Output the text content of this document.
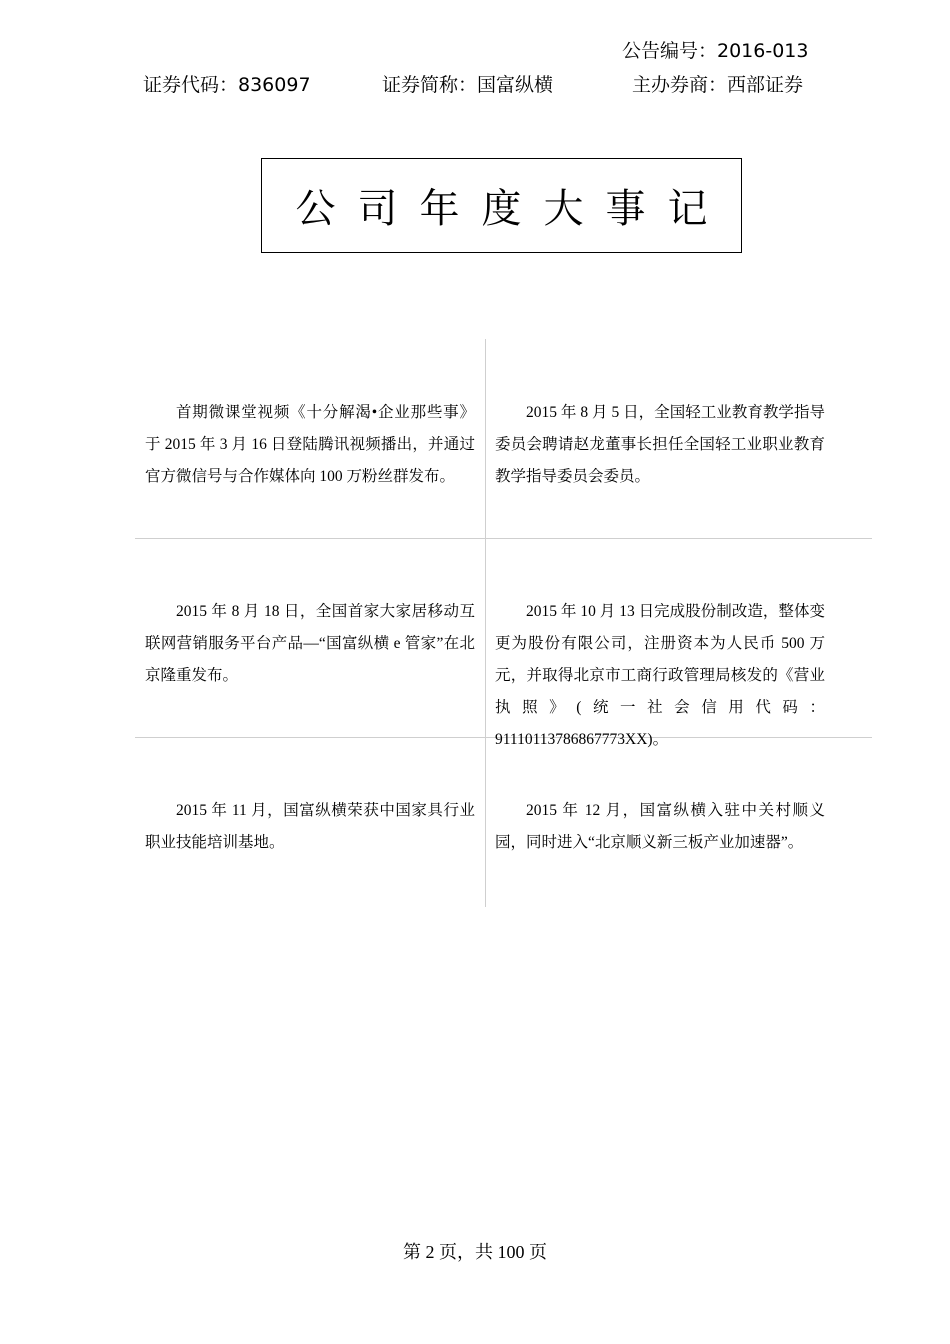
公告编号：2016-013
证券代码：836097	证券简称：国富纵横	主办券商：西部证券
公司年度大事记
首期微课堂视频《十分解渴•企业那些事》于 2015 年 3 月 16 日登陆腾讯视频播出，并通过官方微信号与合作媒体向 100 万粉丝群发布。
2015 年 8 月 5 日，全国轻工业教育教学指导委员会聘请赵龙董事长担任全国轻工业职业教育教学指导委员会委员。
2015 年 8 月 18 日，全国首家大家居移动互联网营销服务平台产品—“国富纵横 e 管家”在北京隆重发布。
2015 年 10 月 13 日完成股份制改造，整体变更为股份有限公司，注册资本为人民币 500 万元，并取得北京市工商行政管理局核发的《营业执照》(统一社会信用代码：91110113786867773XX)。
2015 年 11 月，国富纵横荣获中国家具行业职业技能培训基地。
2015 年 12 月，国富纵横入驻中关村顺义园，同时进入“北京顺义新三板产业加速器”。
第 2 页，共 100 页
